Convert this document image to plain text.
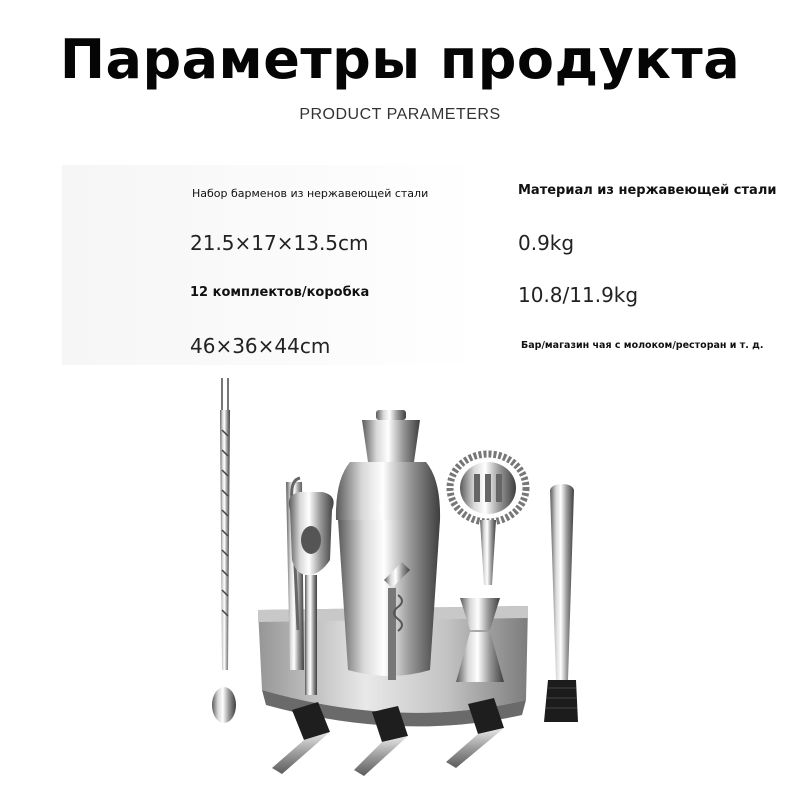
Параметры продукта
PRODUCT PARAMETERS
Набор барменов из нержавеющей стали	Материал из нержавеющей стали
21.5×17×13.5cm	0.9kg
12 комплектов/коробка	10.8/11.9kg
46×36×44cm	Бар/магазин чая с молоком/ресторан и т. д.
